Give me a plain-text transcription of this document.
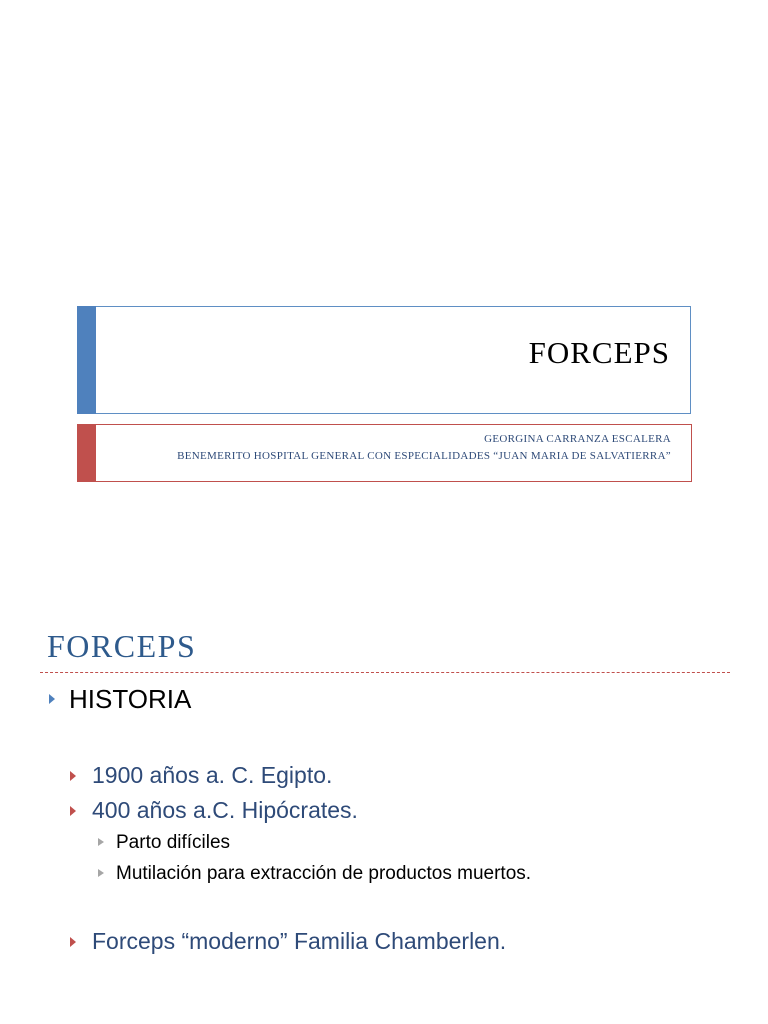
FORCEPS
GEORGINA CARRANZA ESCALERA
BENEMERITO HOSPITAL GENERAL CON ESPECIALIDADES “JUAN MARIA DE SALVATIERRA”
FORCEPS
HISTORIA
1900 años a. C. Egipto.
400 años a.C. Hipócrates.
Parto difíciles
Mutilación para extracción de productos muertos.
Forceps “moderno” Familia Chamberlen.
